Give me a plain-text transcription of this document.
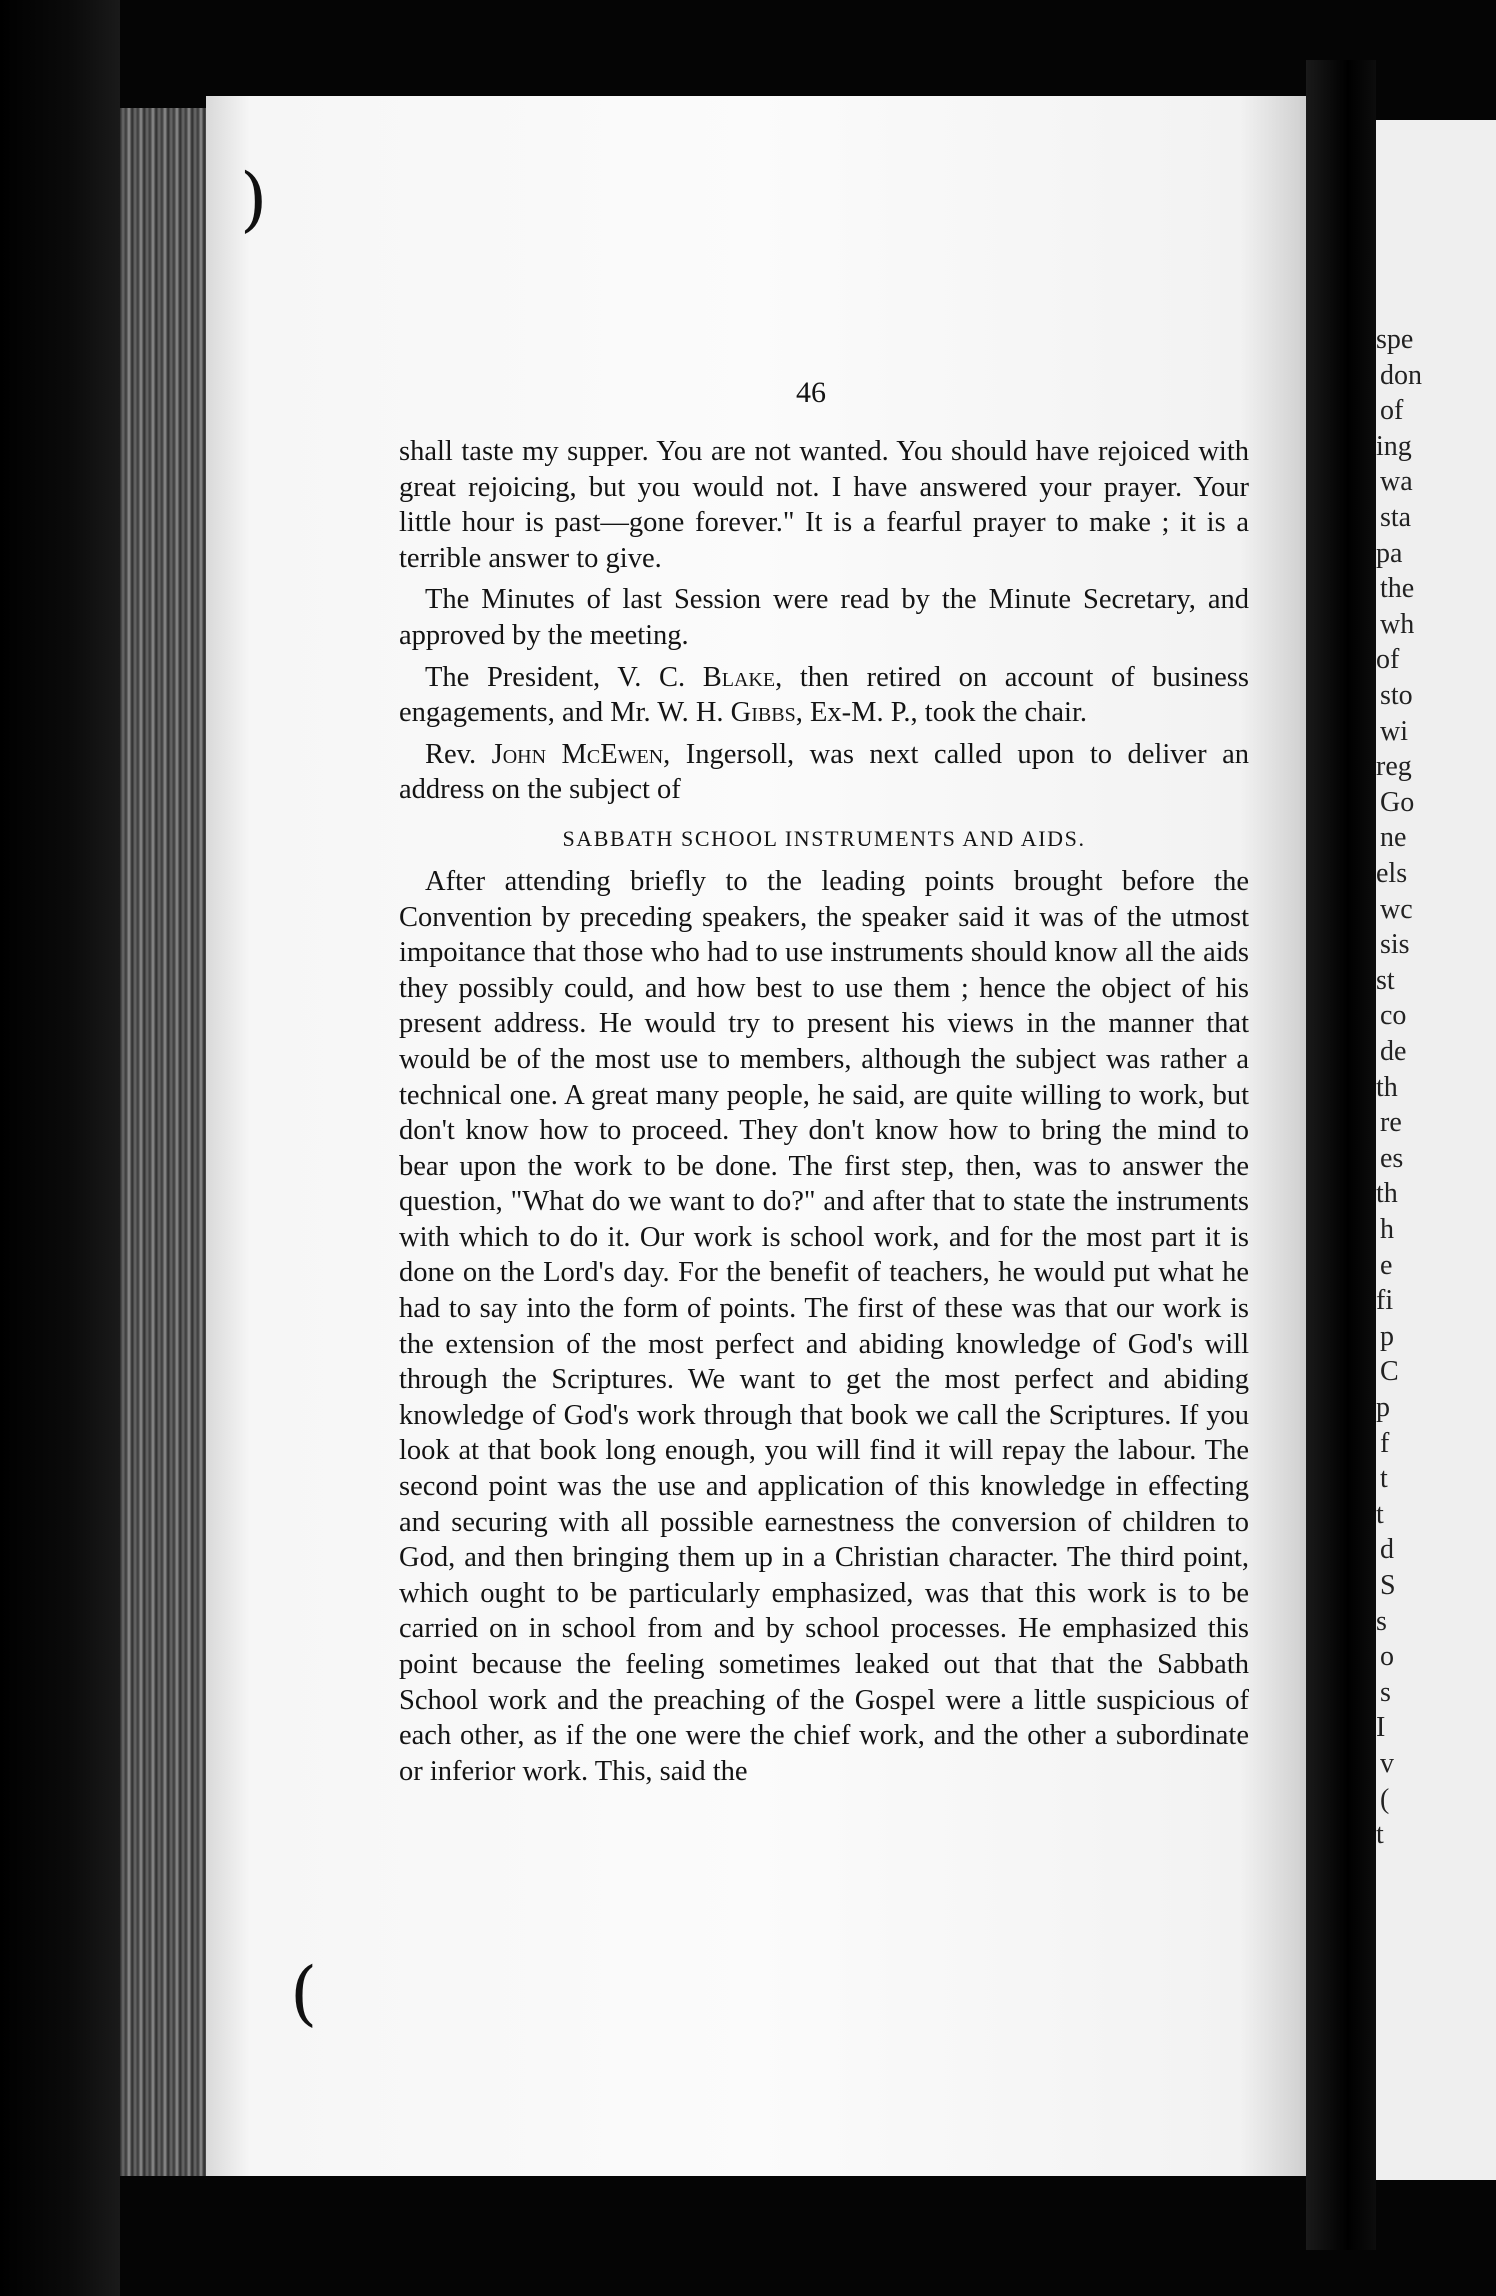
)
(
46

shall taste my supper. You are not wanted. You should have rejoiced with great rejoicing, but you would not. I have answered your prayer. Your little hour is past—gone forever." It is a fearful prayer to make ; it is a terrible answer to give.

The Minutes of last Session were read by the Minute Secretary, and approved by the meeting.

The President, V. C. Blake, then retired on account of business engagements, and Mr. W. H. Gibbs, Ex-M. P., took the chair.

Rev. John McEwen, Ingersoll, was next called upon to deliver an address on the subject of

SABBATH SCHOOL INSTRUMENTS AND AIDS.

After attending briefly to the leading points brought before the Convention by preceding speakers, the speaker said it was of the utmost impoitance that those who had to use instruments should know all the aids they possibly could, and how best to use them ; hence the object of his present address. He would try to present his views in the manner that would be of the most use to members, although the subject was rather a technical one. A great many people, he said, are quite willing to work, but don't know how to proceed. They don't know how to bring the mind to bear upon the work to be done. The first step, then, was to answer the question, "What do we want to do?" and after that to state the instruments with which to do it. Our work is school work, and for the most part it is done on the Lord's day. For the benefit of teachers, he would put what he had to say into the form of points. The first of these was that our work is the extension of the most perfect and abiding knowledge of God's will through the Scriptures. We want to get the most perfect and abiding knowledge of God's work through that book we call the Scriptures. If you look at that book long enough, you will find it will repay the labour. The second point was the use and application of this knowledge in effecting and securing with all possible earnestness the conversion of children to God, and then bringing them up in a Christian character. The third point, which ought to be particularly emphasized, was that this work is to be carried on in school from and by school processes. He emphasized this point because the feeling sometimes leaked out that that the Sabbath School work and the preaching of the Gospel were a little suspicious of each other, as if the one were the chief work, and the other a subordinate or inferior work. This, said the

spe
don
of
ing
wa
sta
pa
the
wh
of
sto
wi
reg
Go
ne
els
wc
sis
st
co
de
th
re
es
th
h
e
fi
p
C
p
f
t
t
d
S
s
o
s
I
v
(
t
